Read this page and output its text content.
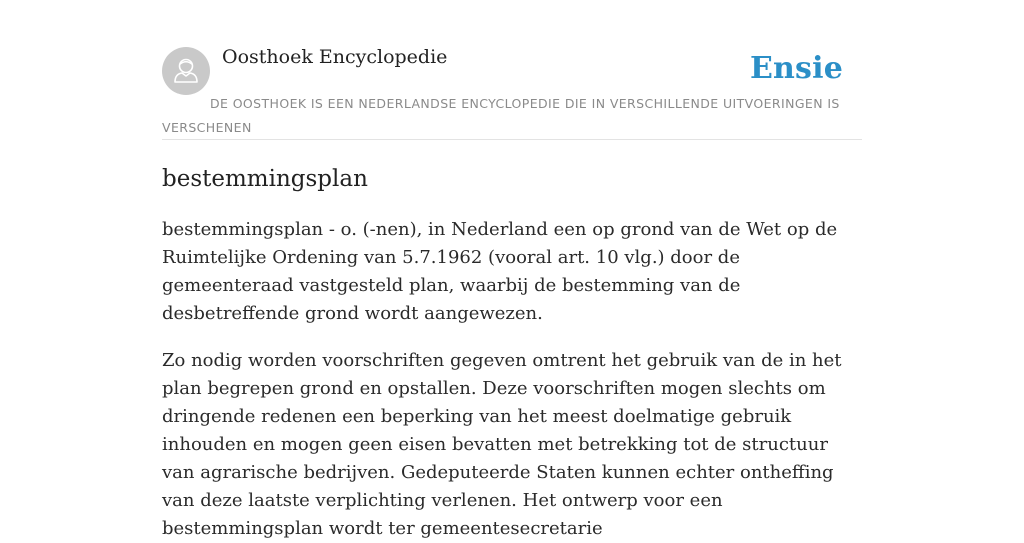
Oosthoek Encyclopedie	Ensie
DE OOSTHOEK IS EEN NEDERLANDSE ENCYCLOPEDIE DIE IN VERSCHILLENDE UITVOERINGEN IS VERSCHENEN
bestemmingsplan

bestemmingsplan - o. (-nen), in Nederland een op grond van de Wet op de Ruimtelijke Ordening van 5.7.1962 (vooral art. 10 vlg.) door de gemeenteraad vastgesteld plan, waarbij de bestemming van de desbetreffende grond wordt aangewezen.

Zo nodig worden voorschriften gegeven omtrent het gebruik van de in het plan begrepen grond en opstallen. Deze voorschriften mogen slechts om dringende redenen een beperking van het meest doelmatige gebruik inhouden en mogen geen eisen bevatten met betrekking tot de structuur van agrarische bedrijven. Gedeputeerde Staten kunnen echter ontheffing van deze laatste verplichting verlenen. Het ontwerp voor een bestemmingsplan wordt ter gemeentesecretarie
